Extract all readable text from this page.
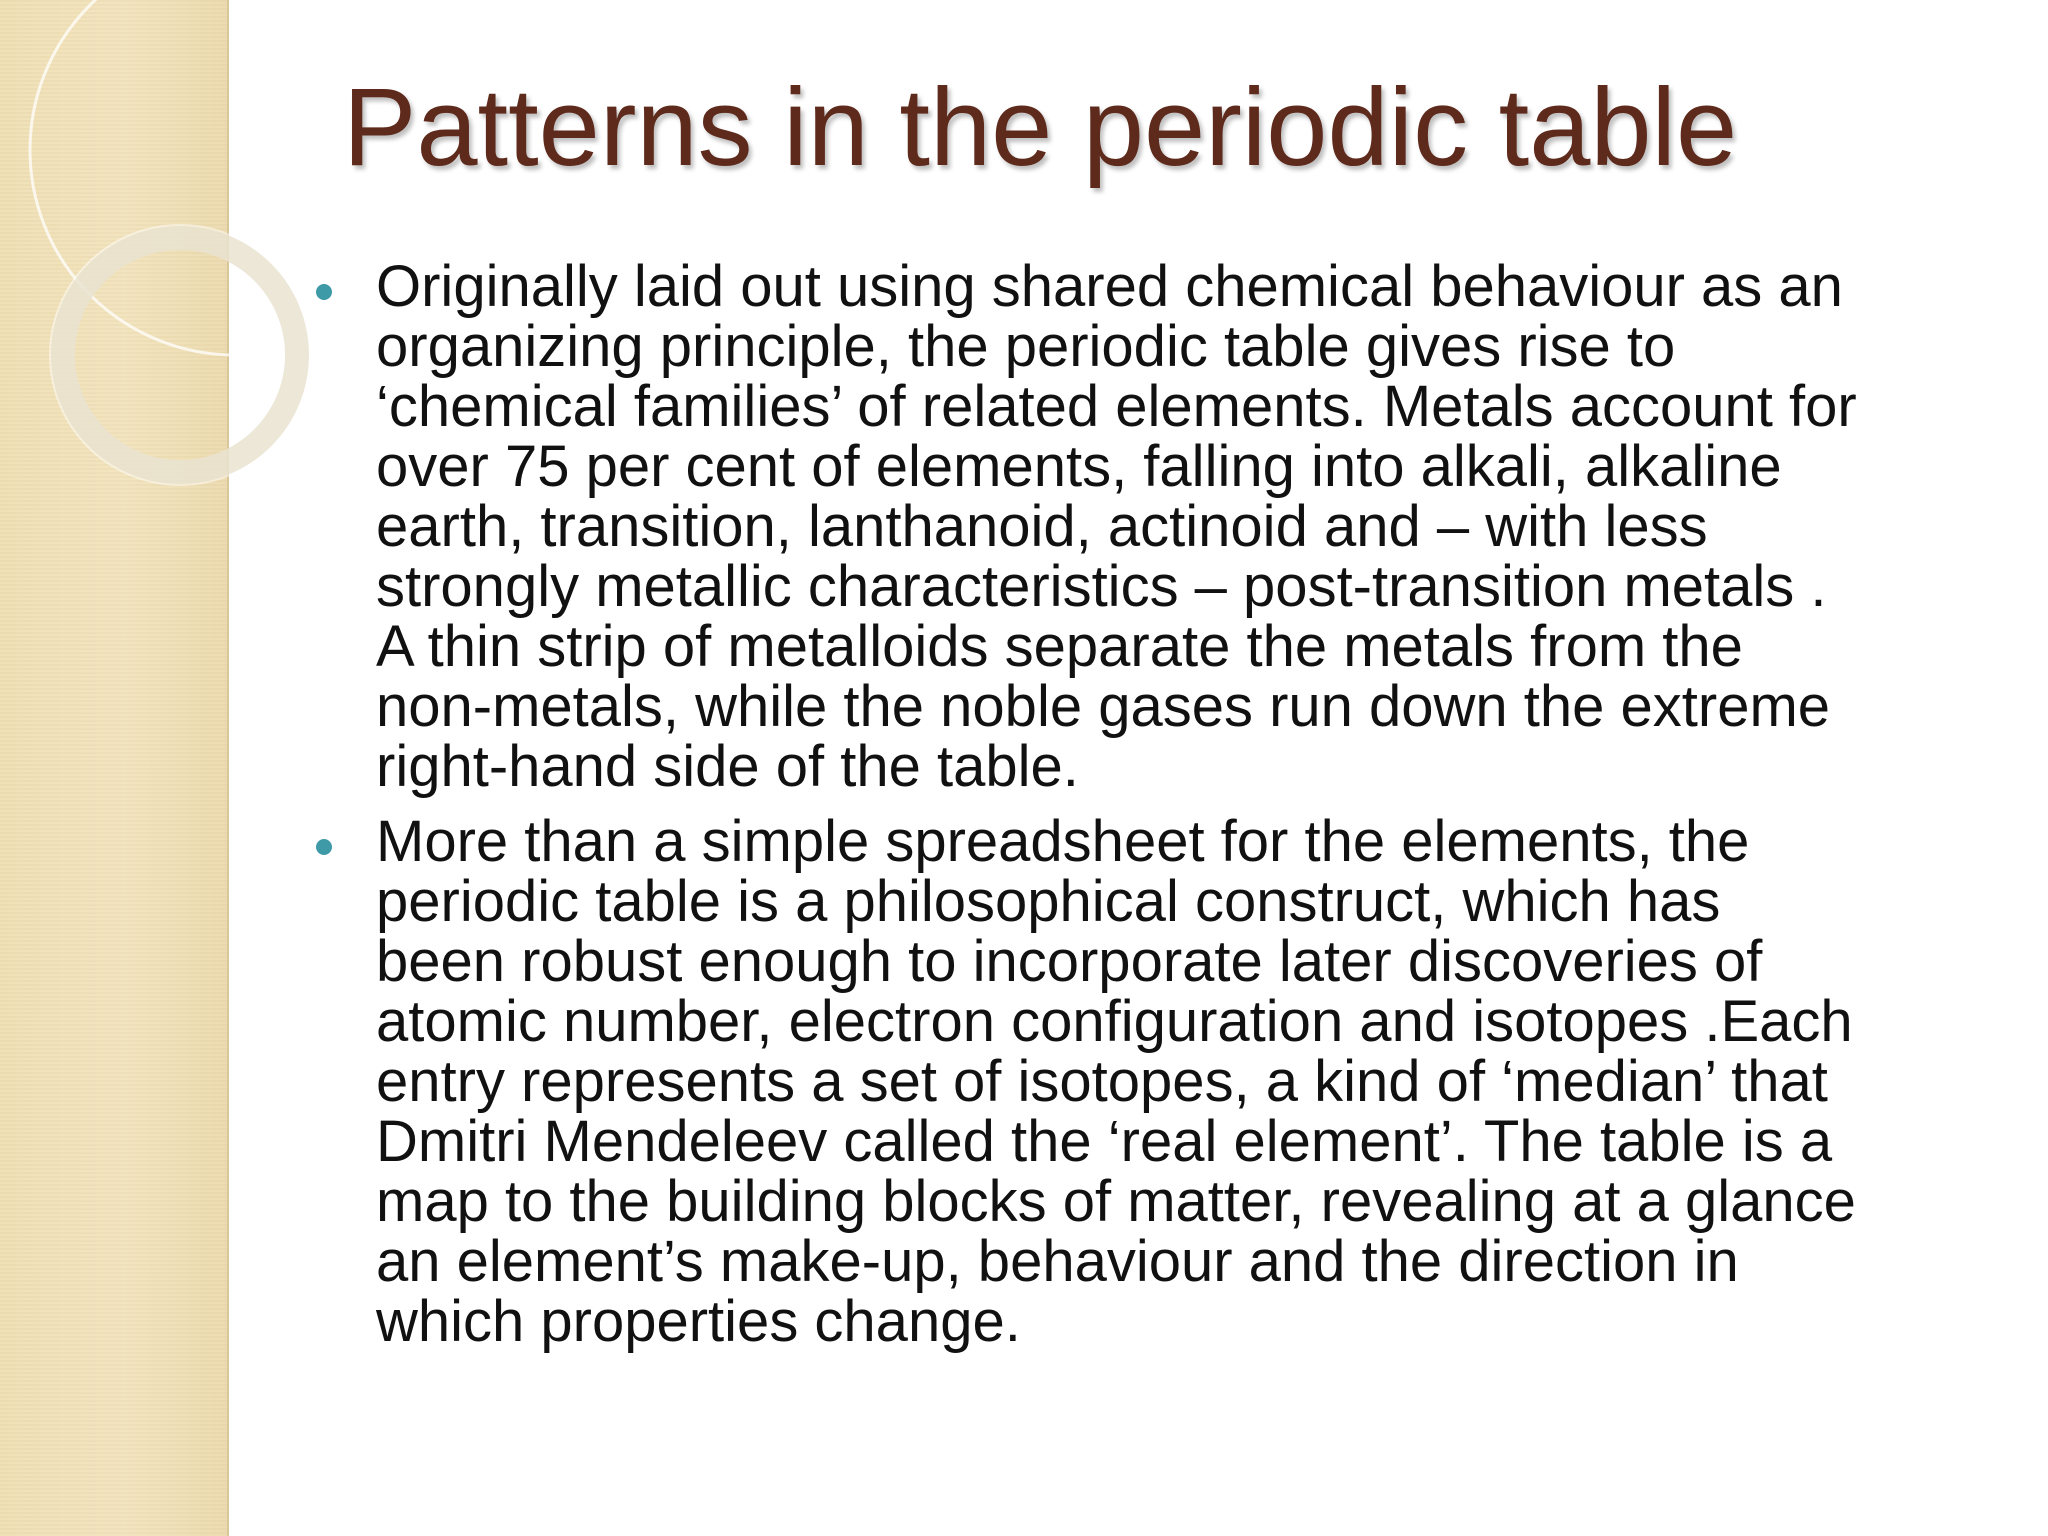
Patterns in the periodic table
Originally laid out using shared chemical behaviour as an
organizing principle, the periodic table gives rise to
‘chemical families’ of related elements. Metals account for
over 75 per cent of elements, falling into alkali, alkaline
earth, transition, lanthanoid, actinoid and – with less
strongly metallic characteristics – post-transition metals .
A thin strip of metalloids separate the metals from the
non-metals, while the noble gases run down the extreme
right-hand side of the table.
More than a simple spreadsheet for the elements, the
periodic table is a philosophical construct, which has
been robust enough to incorporate later discoveries of
atomic number, electron configuration and isotopes .Each
entry represents a set of isotopes, a kind of ‘median’ that
Dmitri Mendeleev called the ‘real element’. The table is a
map to the building blocks of matter, revealing at a glance
an element’s make-up, behaviour and the direction in
which properties change.
